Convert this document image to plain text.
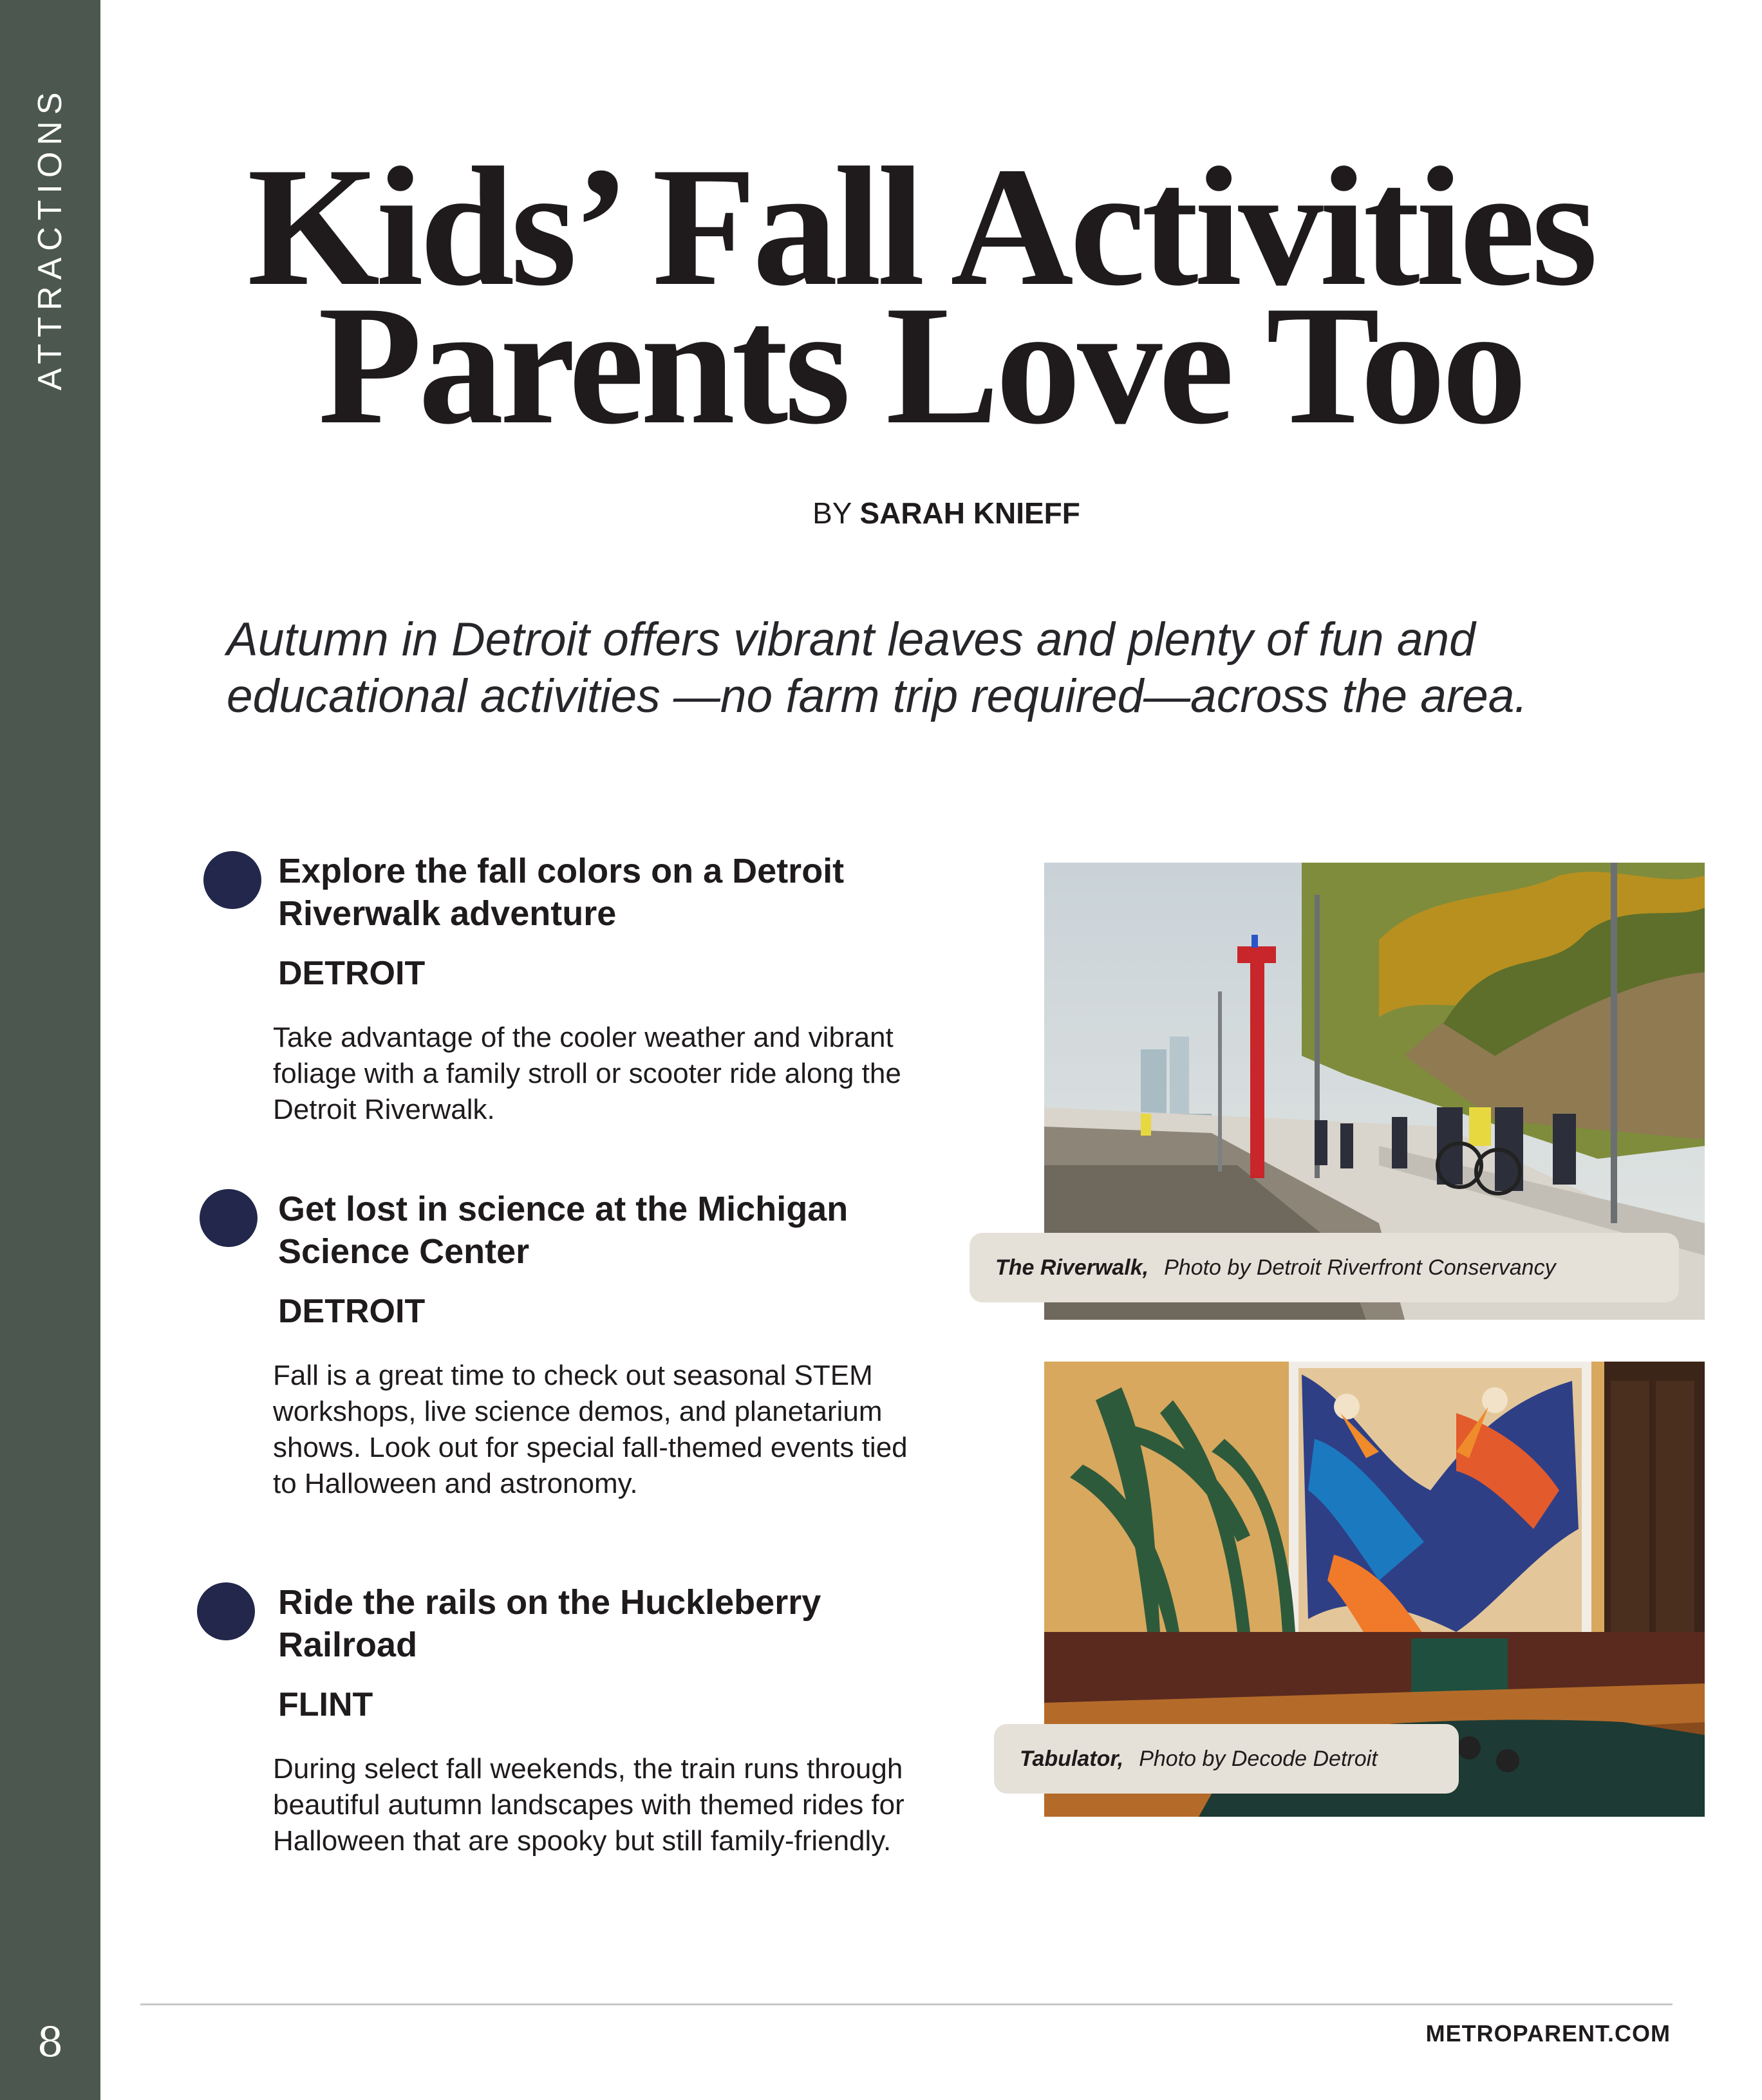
ATTRACTIONS
8
Kids’ Fall Activities
Parents Love Too
BY SARAH KNIEFF
Autumn in Detroit offers vibrant leaves and plenty of fun and
educational activities —no farm trip required—across the area.
Explore the fall colors on a Detroit
Riverwalk adventure
DETROIT

Take advantage of the cooler weather and vibrant
foliage with a family stroll or scooter ride along the
Detroit Riverwalk.

Get lost in science at the Michigan
Science Center
DETROIT

Fall is a great time to check out seasonal STEM
workshops, live science demos, and planetarium
shows. Look out for special fall-themed events tied
to Halloween and astronomy.

Ride the rails on the Huckleberry
Railroad
FLINT

During select fall weekends, the train runs through
beautiful autumn landscapes with themed rides for
Halloween that are spooky but still family-friendly.

The Riverwalk, Photo by Detroit Riverfront Conservancy
Tabulator, Photo by Decode Detroit
METROPARENT.COM
